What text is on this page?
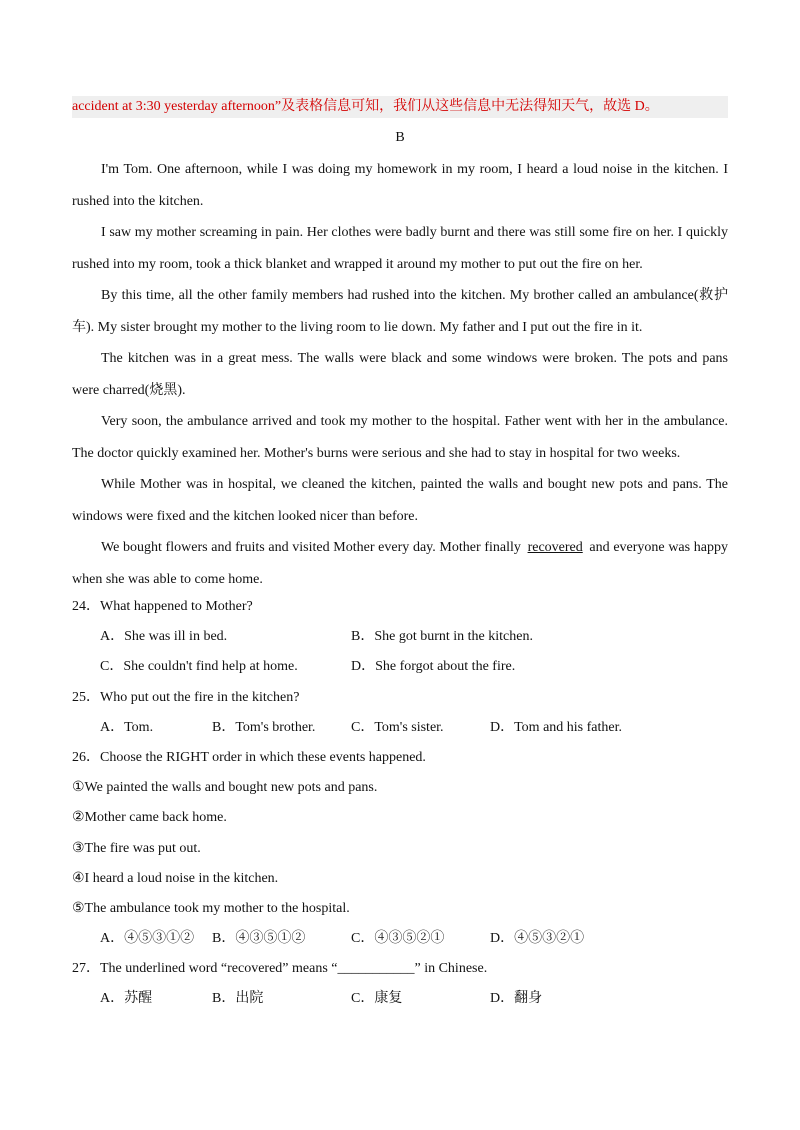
accident at 3:30 yesterday afternoon”及表格信息可知，我们从这些信息中无法得知天气，故选 D。
B

I'm Tom. One afternoon, while I was doing my homework in my room, I heard a loud noise in the kitchen. I rushed into the kitchen.

I saw my mother screaming in pain. Her clothes were badly burnt and there was still some fire on her. I quickly rushed into my room, took a thick blanket and wrapped it around my mother to put out the fire on her.

By this time, all the other family members had rushed into the kitchen. My brother called an ambulance(救护车). My sister brought my mother to the living room to lie down. My father and I put out the fire in it.

The kitchen was in a great mess. The walls were black and some windows were broken. The pots and pans were charred(烧黑).

Very soon, the ambulance arrived and took my mother to the hospital. Father went with her in the ambulance. The doctor quickly examined her. Mother's burns were serious and she had to stay in hospital for two weeks.

While Mother was in hospital, we cleaned the kitchen, painted the walls and bought new pots and pans. The windows were fixed and the kitchen looked nicer than before.

We bought flowers and fruits and visited Mother every day. Mother finally recovered and everyone was happy when she was able to come home.

24．What happened to Mother?
A．She was ill in bed.	B．She got burnt in the kitchen.
C．She couldn't find help at home.	D．She forgot about the fire.
25．Who put out the fire in the kitchen?
A．Tom.	B．Tom's brother.	C．Tom's sister.	D．Tom and his father.
26．Choose the RIGHT order in which these events happened.
①We painted the walls and bought new pots and pans.
②Mother came back home.
③The fire was put out.
④I heard a loud noise in the kitchen.
⑤The ambulance took my mother to the hospital.
A．④⑤③①② B．④③⑤①②	C．④③⑤②①	D．④⑤③②①
27．The underlined word “recovered” means “___________” in Chinese.
A．苏醒	B．出院	C．康复	D．翻身
